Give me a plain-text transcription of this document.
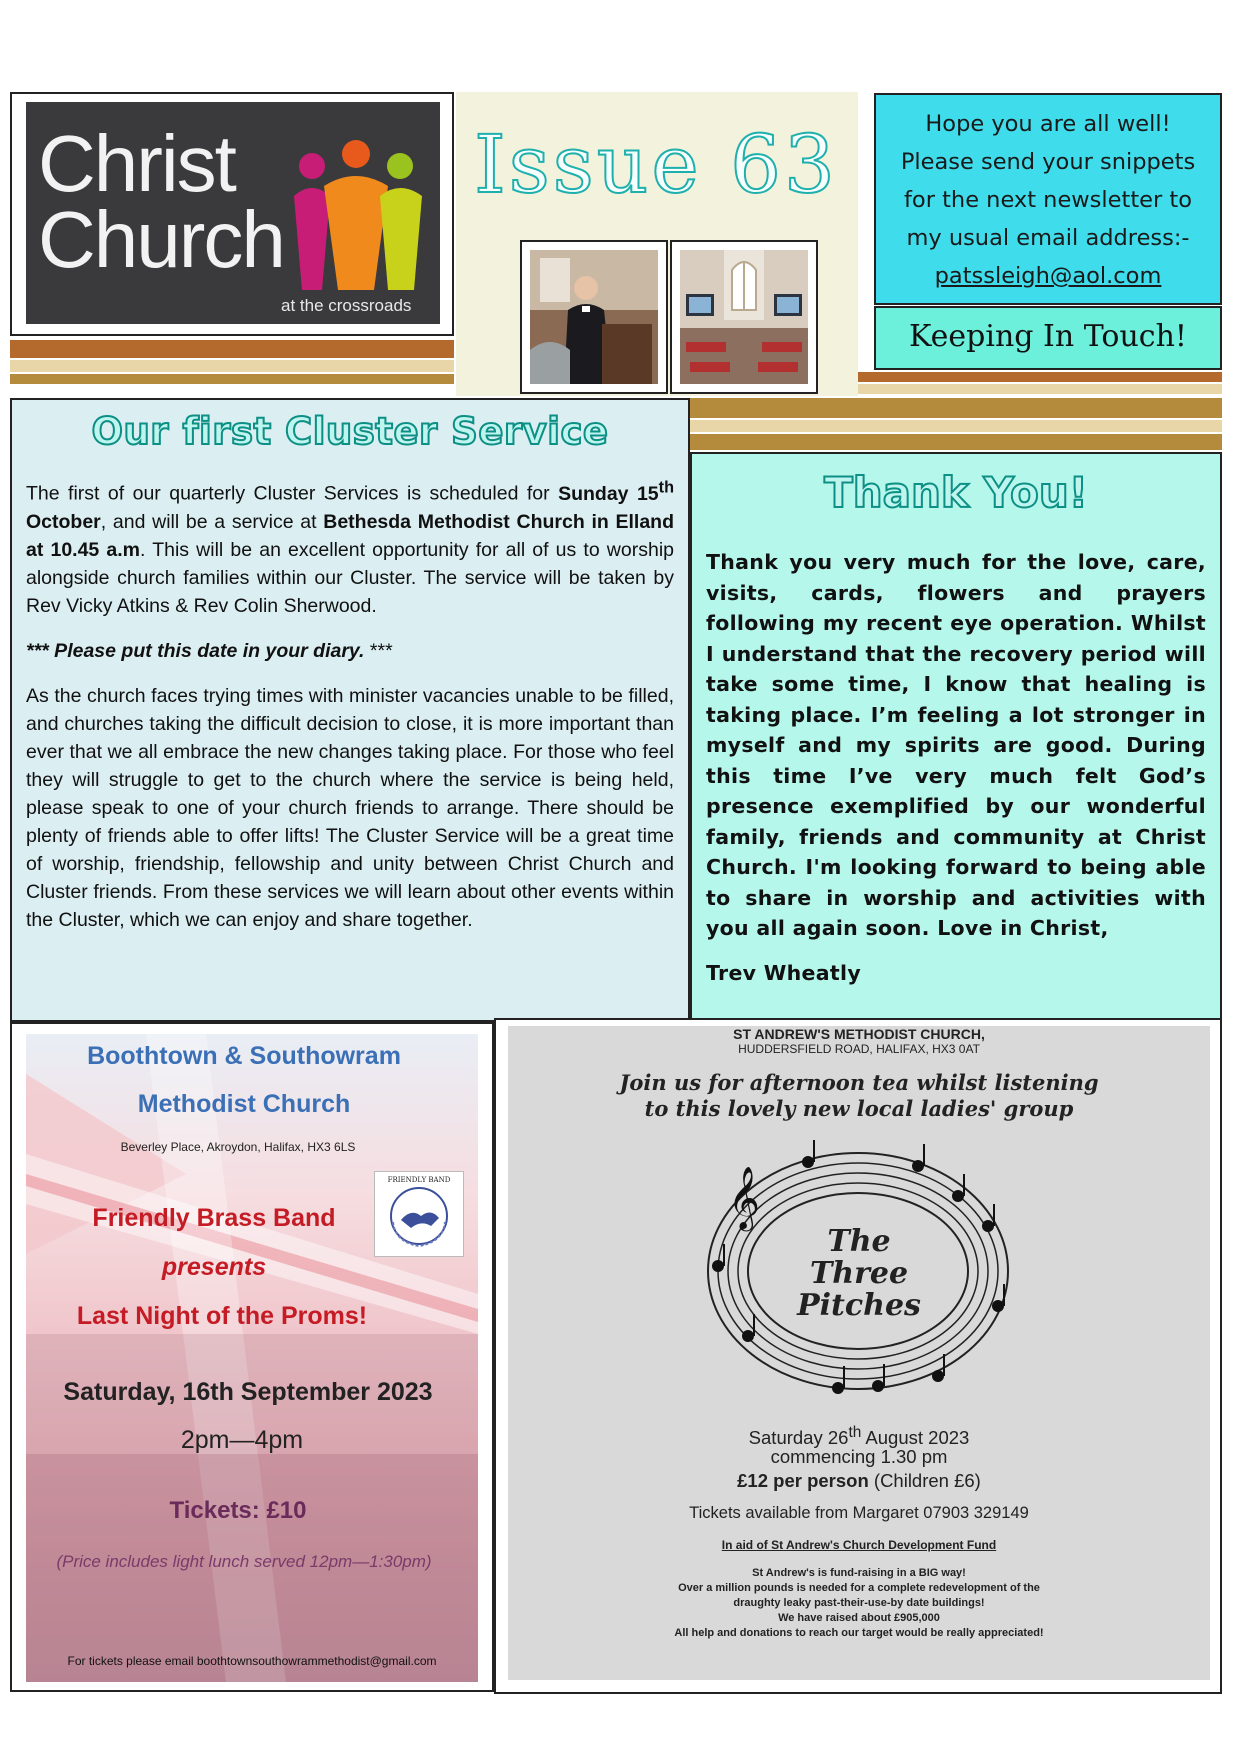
Christ
Church
at the crossroads
Issue 63	Hope you are all well!

Please send your snippets

for the next newsletter to

my usual email address:-

patssleigh@aol.com

Keeping In Touch!
Our first Cluster Service

The first of our quarterly Cluster Services is scheduled for Sunday 15th October, and will be a service at Bethesda Methodist Church in Elland at 10.45 a.m. This will be an excellent opportunity for all of us to worship alongside church families within our Cluster. The service will be taken by Rev Vicky Atkins & Rev Colin Sherwood.

*** Please put this date in your diary. ***

As the church faces trying times with minister vacancies unable to be filled, and churches taking the difficult decision to close, it is more important than ever that we all embrace the new changes taking place. For those who feel they will struggle to get to the church where the service is being held, please speak to one of your church friends to arrange. There should be plenty of friends able to offer lifts! The Cluster Service will be a great time of worship, friendship, fellowship and unity between Christ Church and Cluster friends. From these services we will learn about other events within the Cluster, which we can enjoy and share together.

Thank You!

Thank you very much for the love, care, visits, cards, flowers and prayers following my recent eye operation. Whilst I understand that the recovery period will take some time, I know that healing is taking place. I’m feeling a lot stronger in myself and my spirits are good. During this time I’ve very much felt God’s presence exemplified by our wonderful family, friends and community at Christ Church. I'm looking forward to being able to share in worship and activities with you all again soon. Love in Christ,

Trev Wheatly

Boothtown & Southowram
Methodist Church
Beverley Place, Akroydon, Halifax, HX3 6LS
FRIENDLY BAND
Friendly Brass Band
presents
Last Night of the Proms!
Saturday, 16th September 2023
2pm—4pm
Tickets: £10
(Price includes light lunch served 12pm—1:30pm)
For tickets please email boothtownsouthowrammethodist@gmail.com
ST ANDREW'S METHODIST CHURCH,
HUDDERSFIELD ROAD, HALIFAX, HX3 0AT
Join us for afternoon tea whilst listening
to this lovely new local ladies' group
𝄞
The
Three
Pitches
Saturday 26th August 2023
commencing 1.30 pm
£12 per person (Children £6)
Tickets available from Margaret 07903 329149
In aid of St Andrew's Church Development Fund
St Andrew's is fund-raising in a BIG way!
Over a million pounds is needed for a complete redevelopment of the
draughty leaky past-their-use-by date buildings!
We have raised about £905,000
All help and donations to reach our target would be really appreciated!
